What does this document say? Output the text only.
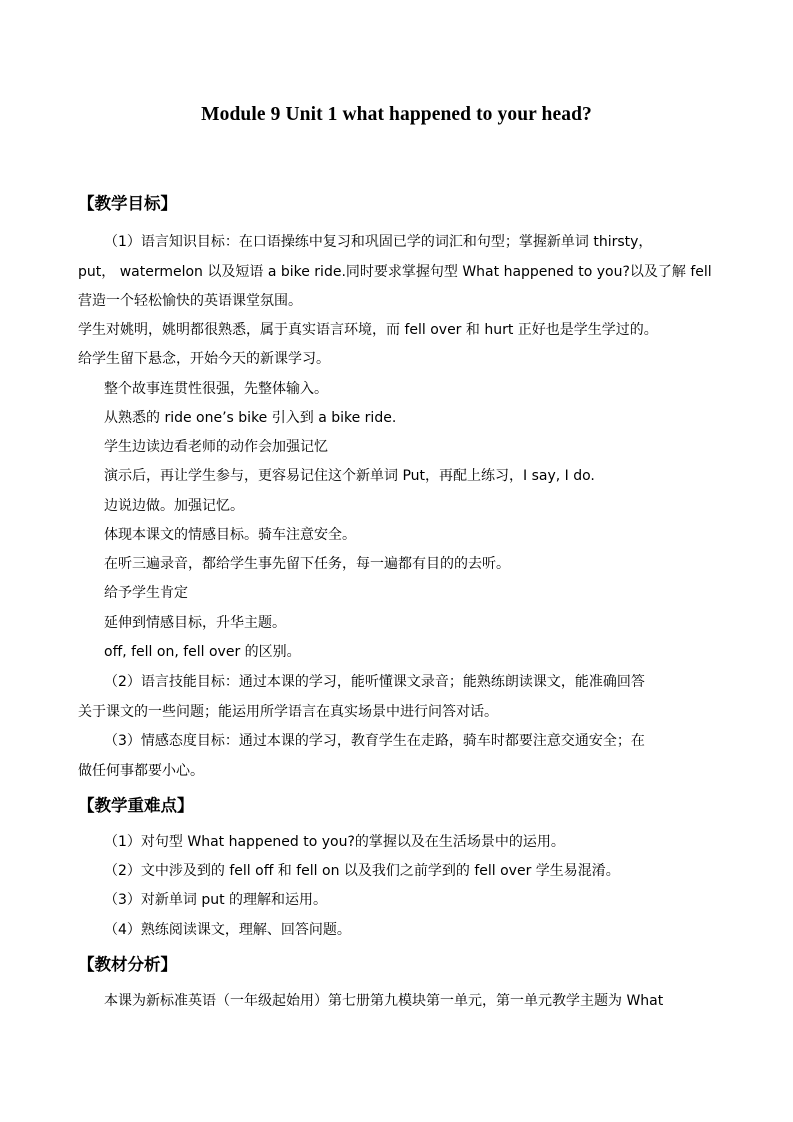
Module 9 Unit 1 what happened to your head?
【教学目标】
（1）语言知识目标：在口语操练中复习和巩固已学的词汇和句型；掌握新单词 thirsty，
put， watermelon 以及短语 a bike ride.同时要求掌握句型 What happened to you?以及了解 fell
营造一个轻松愉快的英语课堂氛围。
学生对姚明，姚明都很熟悉，属于真实语言环境，而 fell over 和 hurt 正好也是学生学过的。
给学生留下悬念，开始今天的新课学习。
整个故事连贯性很强，先整体输入。
从熟悉的 ride one’s bike 引入到 a bike ride.
学生边读边看老师的动作会加强记忆
演示后，再让学生参与，更容易记住这个新单词 Put，再配上练习，I say, I do.
边说边做。加强记忆。
体现本课文的情感目标。骑车注意安全。
在听三遍录音，都给学生事先留下任务，每一遍都有目的的去听。
给予学生肯定
延伸到情感目标，升华主题。
off, fell on, fell over 的区别。
（2）语言技能目标：通过本课的学习，能听懂课文录音；能熟练朗读课文，能准确回答
关于课文的一些问题；能运用所学语言在真实场景中进行问答对话。
（3）情感态度目标：通过本课的学习，教育学生在走路，骑车时都要注意交通安全；在
做任何事都要小心。
【教学重难点】
（1）对句型 What happened to you?的掌握以及在生活场景中的运用。
（2）文中涉及到的 fell off 和 fell on 以及我们之前学到的 fell over 学生易混淆。
（3）对新单词 put 的理解和运用。
（4）熟练阅读课文，理解、回答问题。
【教材分析】
本课为新标准英语（一年级起始用）第七册第九模块第一单元，第一单元教学主题为 What
